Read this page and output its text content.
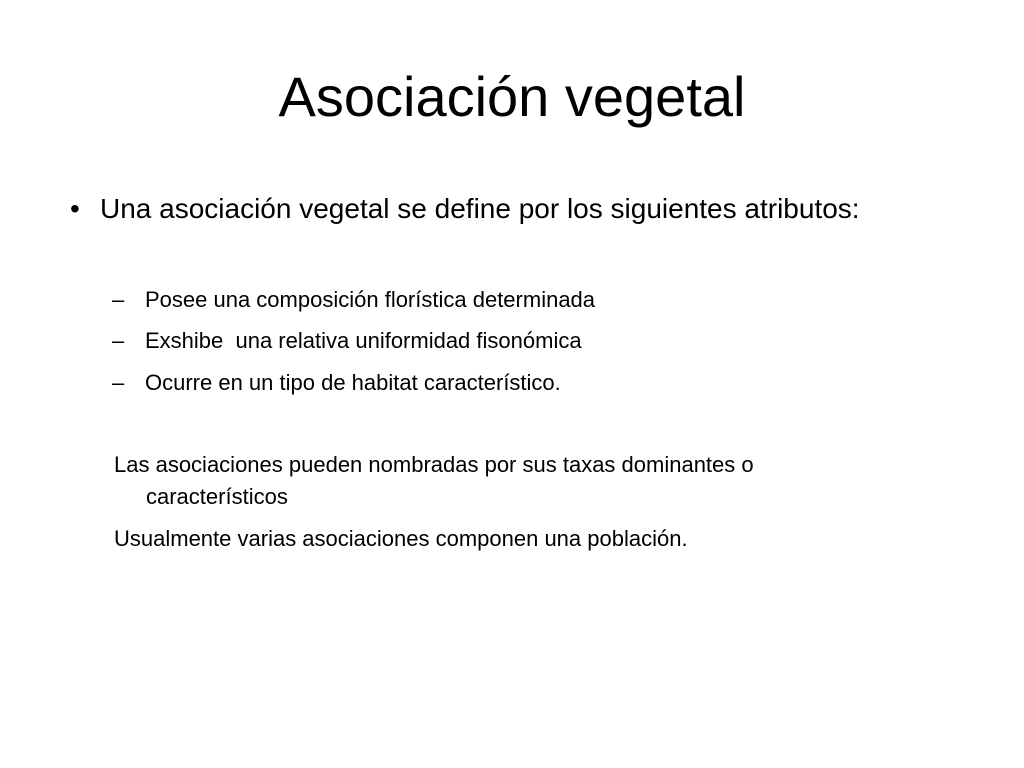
Asociación vegetal
• Una asociación vegetal se define por los siguientes atributos:
– Posee una composición florística determinada
– Exshibe  una relativa uniformidad fisonómica
– Ocurre en un tipo de habitat característico.
Las asociaciones pueden nombradas por sus taxas dominantes o
característicos
Usualmente varias asociaciones componen una población.
